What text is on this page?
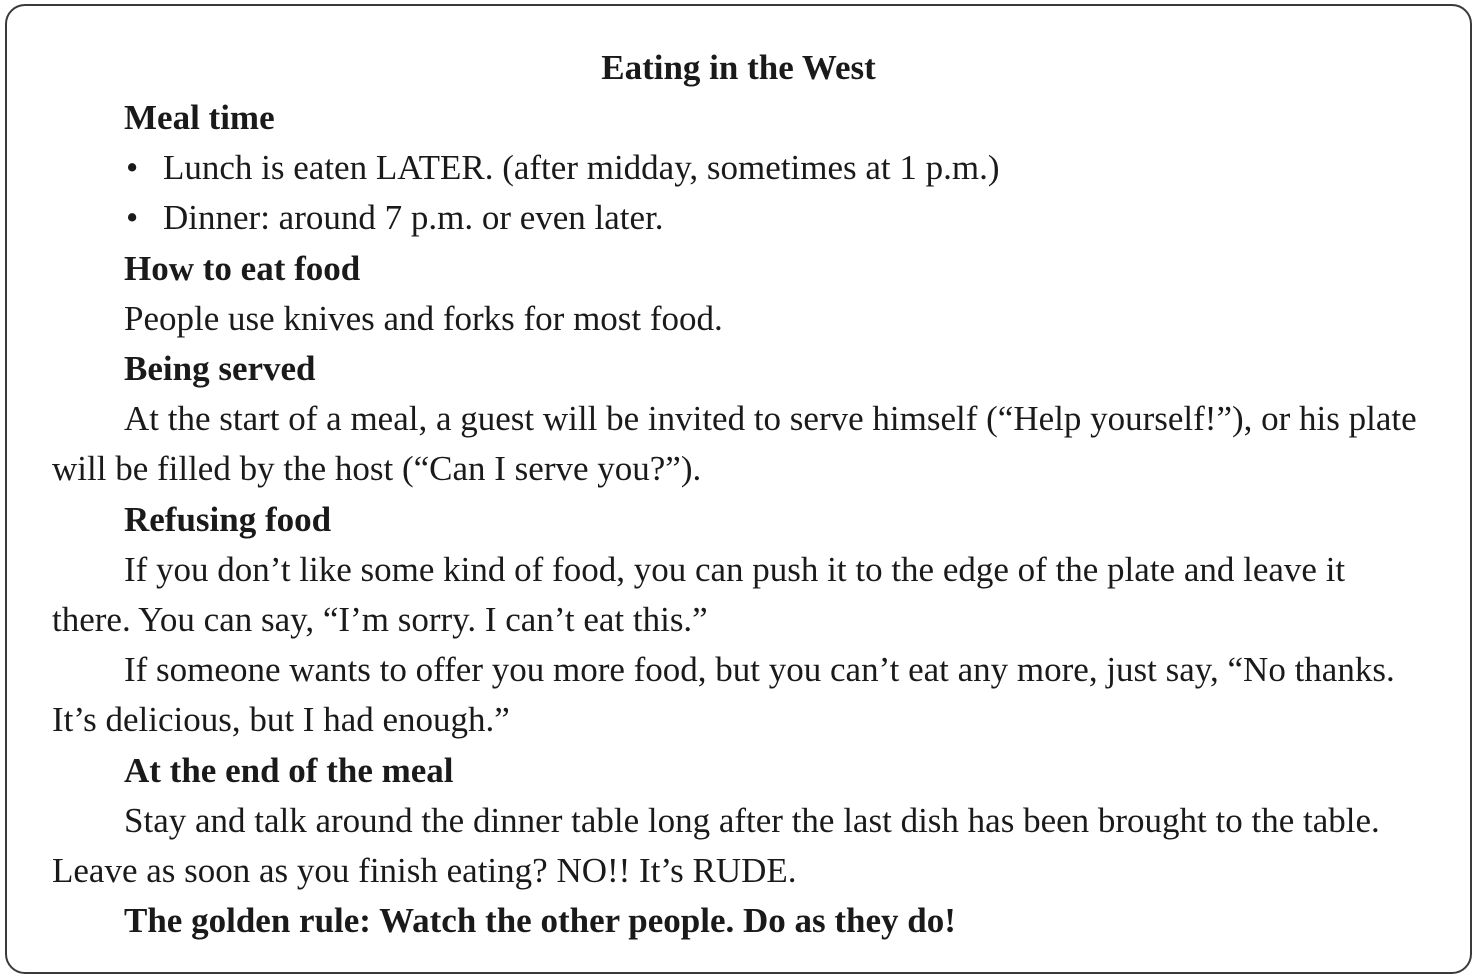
Eating in the West

Meal time

• Lunch is eaten LATER. (after midday, sometimes at 1 p.m.)
• Dinner: around 7 p.m. or even later.

How to eat food

People use knives and forks for most food.

Being served

At the start of a meal, a guest will be invited to serve himself (“Help yourself!”), or his plate will be filled by the host (“Can I serve you?”).

Refusing food

If you don’t like some kind of food, you can push it to the edge of the plate and leave it there. You can say, “I’m sorry. I can’t eat this.”

If someone wants to offer you more food, but you can’t eat any more, just say, “No thanks. It’s delicious, but I had enough.”

At the end of the meal

Stay and talk around the dinner table long after the last dish has been brought to the table. Leave as soon as you finish eating? NO!! It’s RUDE.

The golden rule: Watch the other people. Do as they do!
